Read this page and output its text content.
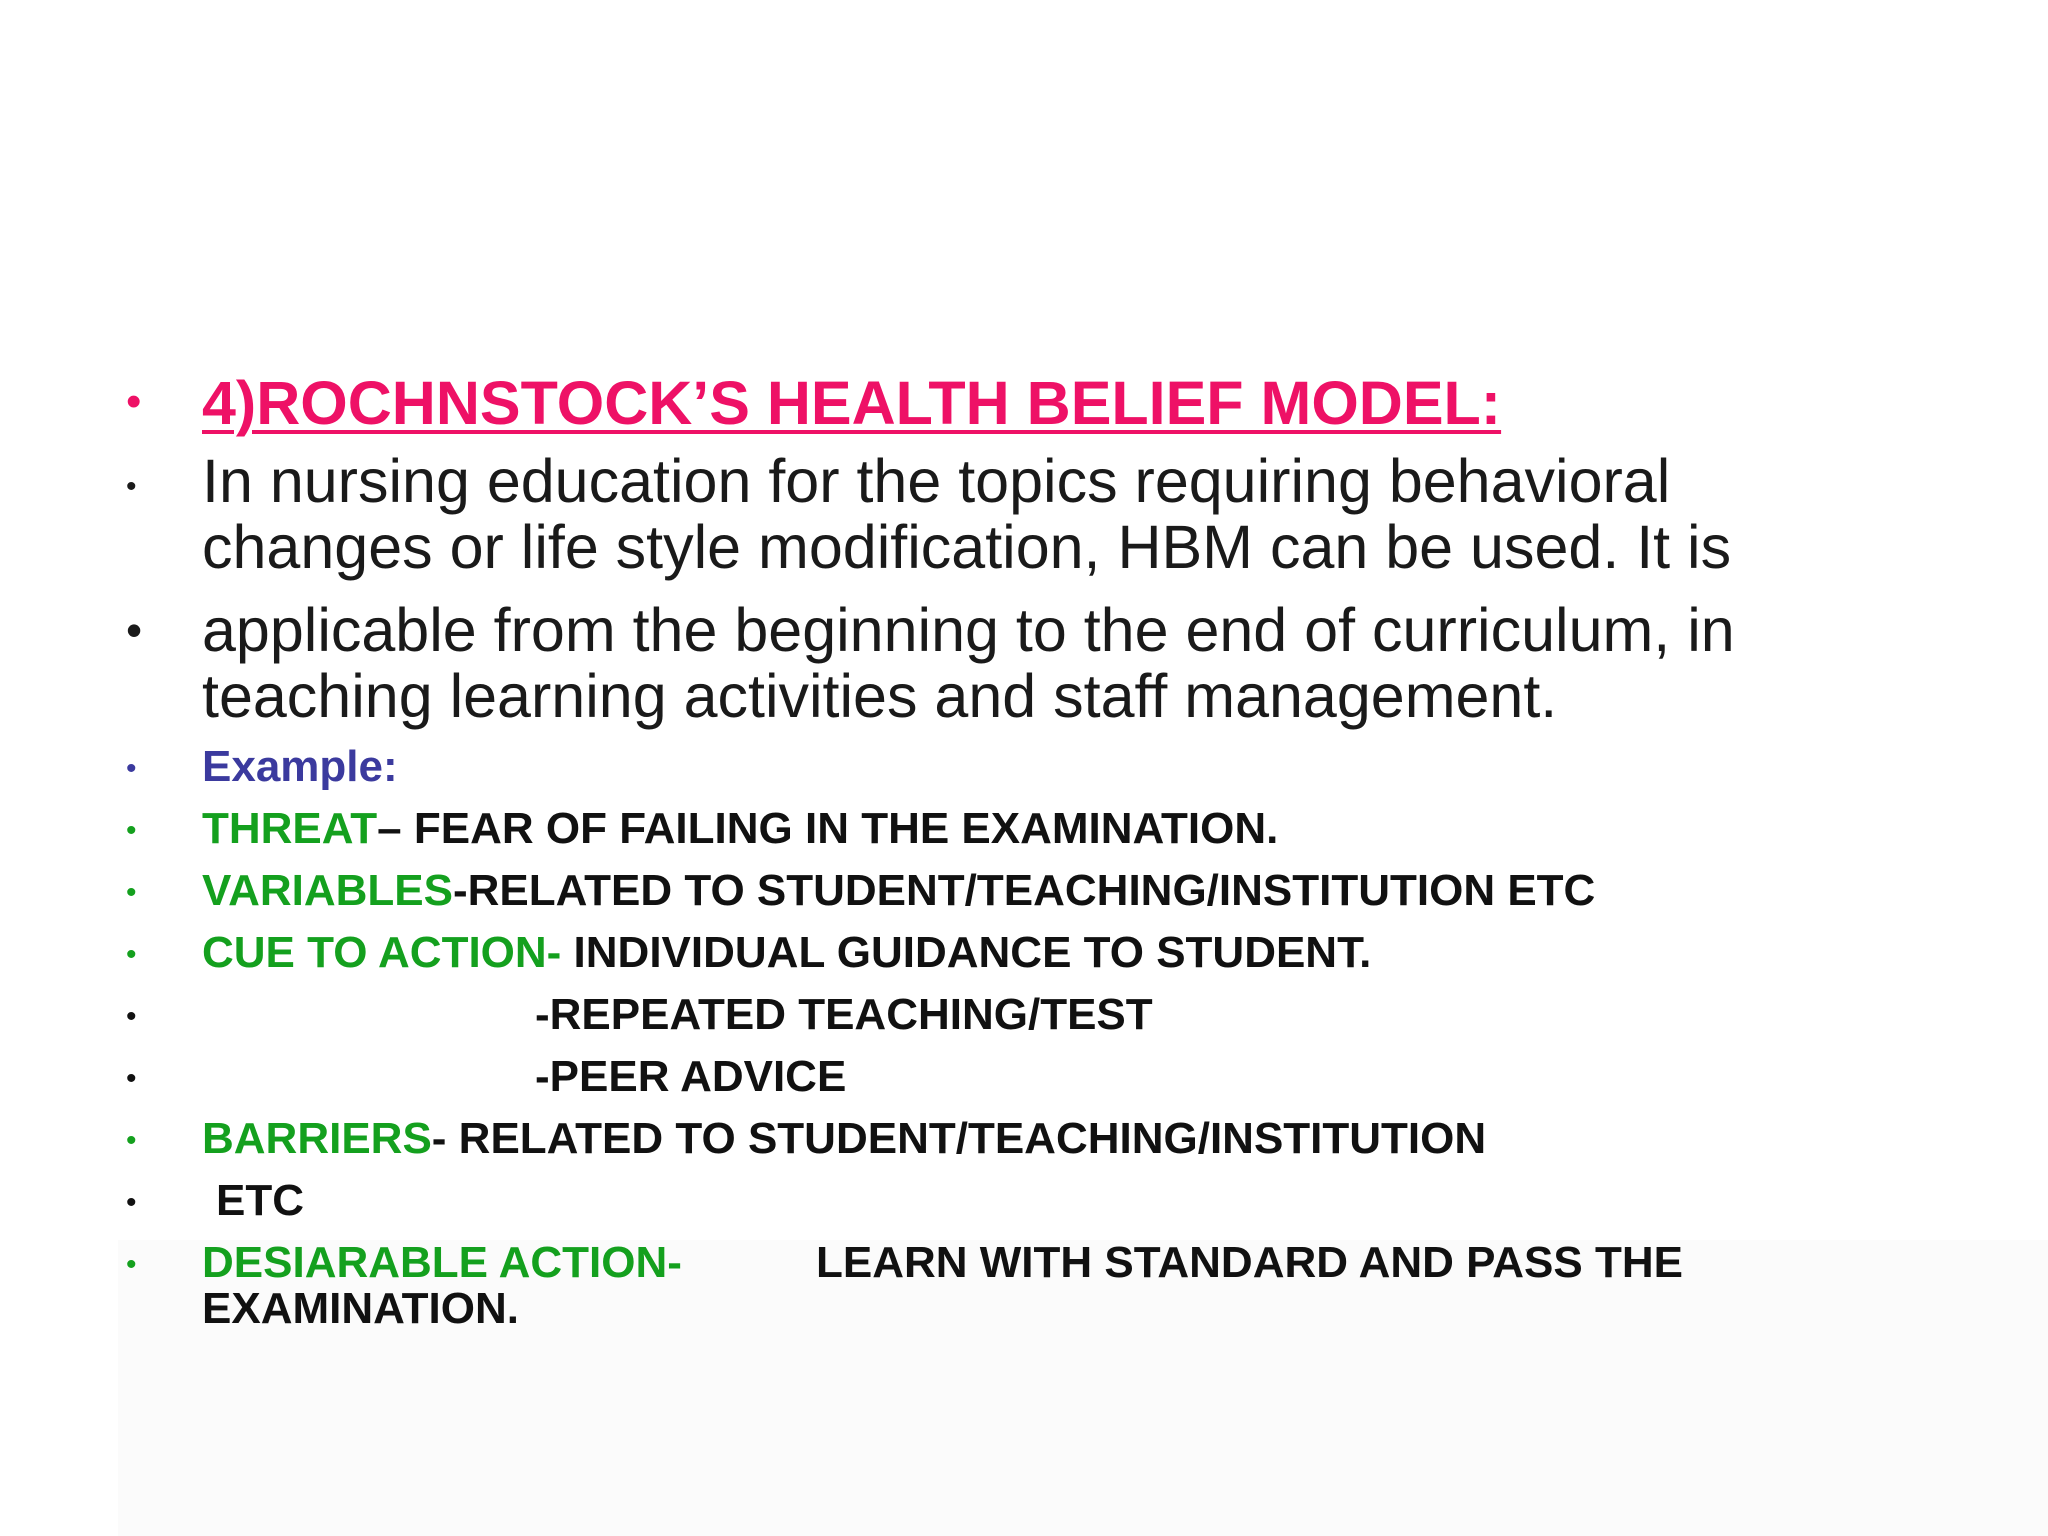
• 4)ROCHNSTOCK’S HEALTH BELIEF MODEL:
• In nursing education for the topics requiring behavioral
changes or life style modification, HBM can be used. It is
• applicable from the beginning to the end of curriculum, in
teaching learning activities and staff management.
• Example:
• THREAT– FEAR OF FAILING IN THE EXAMINATION.
• VARIABLES-RELATED TO STUDENT/TEACHING/INSTITUTION ETC
• CUE TO ACTION- INDIVIDUAL GUIDANCE TO STUDENT.
•	-REPEATED TEACHING/TEST
•	-PEER ADVICE
• BARRIERS- RELATED TO STUDENT/TEACHING/INSTITUTION
• ETC
• DESIARABLE ACTION-	LEARN WITH STANDARD AND PASS THE
EXAMINATION.
